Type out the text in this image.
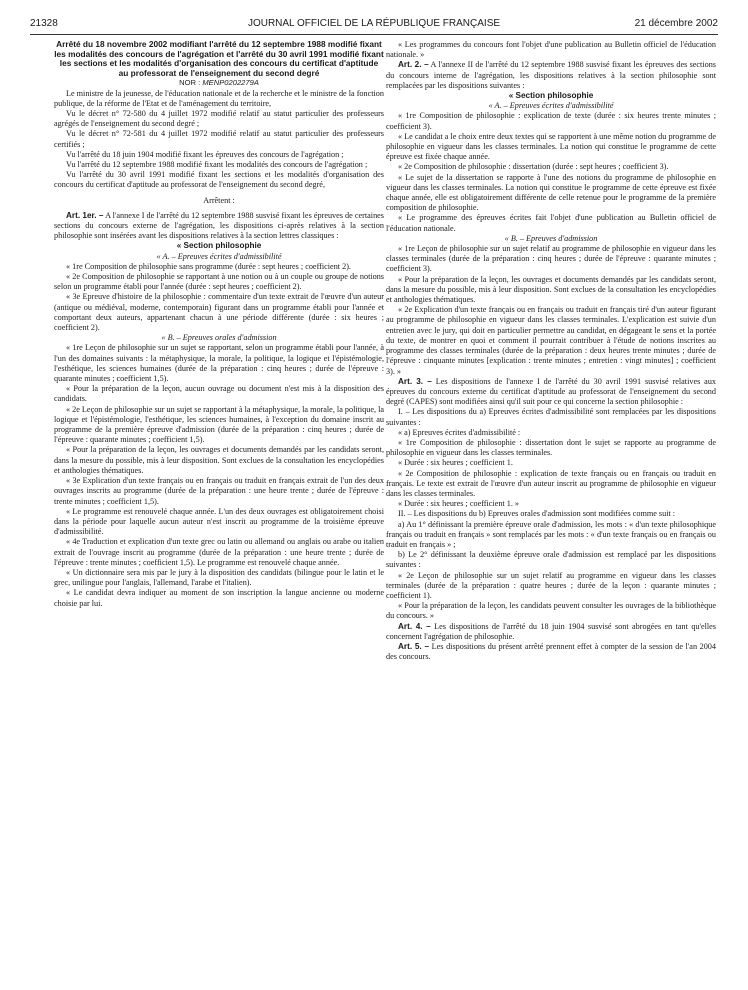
21328	JOURNAL OFFICIEL DE LA RÉPUBLIQUE FRANÇAISE	21 décembre 2002

Arrêté du 18 novembre 2002 modifiant l'arrêté du 12 septembre 1988 modifié fixant les modalités des concours de l'agrégation et l'arrêté du 30 avril 1991 modifié fixant les sections et les modalités d'organisation des concours du certificat d'aptitude au professorat de l'enseignement du second degré

NOR : MENP0202279A

Le ministre de la jeunesse, de l'éducation nationale et de la recherche et le ministre de la fonction publique, de la réforme de l'Etat et de l'aménagement du territoire,

Vu le décret n° 72-580 du 4 juillet 1972 modifié relatif au statut particulier des professeurs agrégés de l'enseignement du second degré ;

Vu le décret n° 72-581 du 4 juillet 1972 modifié relatif au statut particulier des professeurs certifiés ;

Vu l'arrêté du 18 juin 1904 modifié fixant les épreuves des concours de l'agrégation ;

Vu l'arrêté du 12 septembre 1988 modifié fixant les modalités des concours de l'agrégation ;

Vu l'arrêté du 30 avril 1991 modifié fixant les sections et les modalités d'organisation des concours du certificat d'aptitude au professorat de l'enseignement du second degré,

Arrêtent :

Art. 1er. – A l'annexe I de l'arrêté du 12 septembre 1988 susvisé fixant les épreuves de certaines sections du concours externe de l'agrégation, les dispositions ci-après relatives à la section philosophie sont insérées avant les dispositions relatives à la section lettres classiques :

« Section philosophie

« A. – Epreuves écrites d'admissibilité

« 1re Composition de philosophie sans programme (durée : sept heures ; coefficient 2).

« 2e Composition de philosophie se rapportant à une notion ou à un couple ou groupe de notions selon un programme établi pour l'année (durée : sept heures ; coefficient 2).

« 3e Epreuve d'histoire de la philosophie : commentaire d'un texte extrait de l'œuvre d'un auteur (antique ou médiéval, moderne, contemporain) figurant dans un programme établi pour l'année et comportant deux auteurs, appartenant chacun à une période différente (durée : six heures ; coefficient 2).

« B. – Epreuves orales d'admission

« 1re Leçon de philosophie sur un sujet se rapportant, selon un programme établi pour l'année, à l'un des domaines suivants : la métaphysique, la morale, la politique, la logique et l'épistémologie, l'esthétique, les sciences humaines (durée de la préparation : cinq heures ; durée de l'épreuve : quarante minutes ; coefficient 1,5).

« Pour la préparation de la leçon, aucun ouvrage ou document n'est mis à la disposition des candidats.

« 2e Leçon de philosophie sur un sujet se rapportant à la métaphysique, la morale, la politique, la logique et l'épistémologie, l'esthétique, les sciences humaines, à l'exception du domaine inscrit au programme de la première épreuve d'admission (durée de la préparation : cinq heures ; durée de l'épreuve : quarante minutes ; coefficient 1,5).

« Pour la préparation de la leçon, les ouvrages et documents demandés par les candidats seront, dans la mesure du possible, mis à leur disposition. Sont exclues de la consultation les encyclopédies et anthologies thématiques.

« 3e Explication d'un texte français ou en français ou traduit en français extrait de l'un des deux ouvrages inscrits au programme (durée de la préparation : une heure trente ; durée de l'épreuve : trente minutes ; coefficient 1,5).

« Le programme est renouvelé chaque année. L'un des deux ouvrages est obligatoirement choisi dans la période pour laquelle aucun auteur n'est inscrit au programme de la troisième épreuve d'admissibilité.

« 4e Traduction et explication d'un texte grec ou latin ou allemand ou anglais ou arabe ou italien extrait de l'ouvrage inscrit au programme (durée de la préparation : une heure trente ; durée de l'épreuve : trente minutes ; coefficient 1,5). Le programme est renouvelé chaque année.

« Un dictionnaire sera mis par le jury à la disposition des candidats (bilingue pour le latin et le grec, unilingue pour l'anglais, l'allemand, l'arabe et l'italien).

« Le candidat devra indiquer au moment de son inscription la langue ancienne ou moderne choisie par lui.

« Les programmes du concours font l'objet d'une publication au Bulletin officiel de l'éducation nationale. »

Art. 2. – A l'annexe II de l'arrêté du 12 septembre 1988 susvisé fixant les épreuves des sections du concours interne de l'agrégation, les dispositions relatives à la section philosophie sont remplacées par les dispositions suivantes :

« Section philosophie

« A. – Epreuves écrites d'admissibilité

« 1re Composition de philosophie : explication de texte (durée : six heures trente minutes ; coefficient 3).

« Le candidat a le choix entre deux textes qui se rapportent à une même notion du programme de philosophie en vigueur dans les classes terminales. La notion qui constitue le programme de cette épreuve est fixée chaque année.

« 2e Composition de philosophie : dissertation (durée : sept heures ; coefficient 3).

« Le sujet de la dissertation se rapporte à l'une des notions du programme de philosophie en vigueur dans les classes terminales. La notion qui constitue le programme de cette épreuve est fixée chaque année, elle est obligatoirement différente de celle retenue pour le programme de la première composition de philosophie.

« Le programme des épreuves écrites fait l'objet d'une publication au Bulletin officiel de l'éducation nationale.

« B. – Epreuves d'admission

« 1re Leçon de philosophie sur un sujet relatif au programme de philosophie en vigueur dans les classes terminales (durée de la préparation : cinq heures ; durée de l'épreuve : quarante minutes ; coefficient 3).

« Pour la préparation de la leçon, les ouvrages et documents demandés par les candidats seront, dans la mesure du possible, mis à leur disposition. Sont exclues de la consultation les encyclopédies et anthologies thématiques.

« 2e Explication d'un texte français ou en français ou traduit en français tiré d'un auteur figurant au programme de philosophie en vigueur dans les classes terminales. L'explication est suivie d'un entretien avec le jury, qui doit en particulier permettre au candidat, en dégageant le sens et la portée du texte, de montrer en quoi et comment il pourrait contribuer à l'étude de notions inscrites au programme des classes terminales (durée de la préparation : deux heures trente minutes ; durée de l'épreuve : cinquante minutes [explication : trente minutes ; entretien : vingt minutes] ; coefficient 3). »

Art. 3. – Les dispositions de l'annexe I de l'arrêté du 30 avril 1991 susvisé relatives aux épreuves du concours externe du certificat d'aptitude au professorat de l'enseignement du second degré (CAPES) sont modifiées ainsi qu'il suit pour ce qui concerne la section philosophie :

I. – Les dispositions du a) Epreuves écrites d'admissibilité sont remplacées par les dispositions suivantes :

« a) Epreuves écrites d'admissibilité :

« 1re Composition de philosophie : dissertation dont le sujet se rapporte au programme de philosophie en vigueur dans les classes terminales.

« Durée : six heures ; coefficient 1.

« 2e Composition de philosophie : explication de texte français ou en français ou traduit en français. Le texte est extrait de l'œuvre d'un auteur inscrit au programme de philosophie en vigueur dans les classes terminales.

« Durée : six heures ; coefficient 1. »

II. – Les dispositions du b) Epreuves orales d'admission sont modifiées comme suit :

a) Au 1° définissant la première épreuve orale d'admission, les mots : « d'un texte philosophique français ou traduit en français » sont remplacés par les mots : « d'un texte français ou en français ou traduit en français » ;

b) Le 2° définissant la deuxième épreuve orale d'admission est remplacé par les dispositions suivantes :

« 2e Leçon de philosophie sur un sujet relatif au programme en vigueur dans les classes terminales (durée de la préparation : quatre heures ; durée de la leçon : quarante minutes ; coefficient 1).

« Pour la préparation de la leçon, les candidats peuvent consulter les ouvrages de la bibliothèque du concours. »

Art. 4. – Les dispositions de l'arrêté du 18 juin 1904 susvisé sont abrogées en tant qu'elles concernent l'agrégation de philosophie.

Art. 5. – Les dispositions du présent arrêté prennent effet à compter de la session de l'an 2004 des concours.
